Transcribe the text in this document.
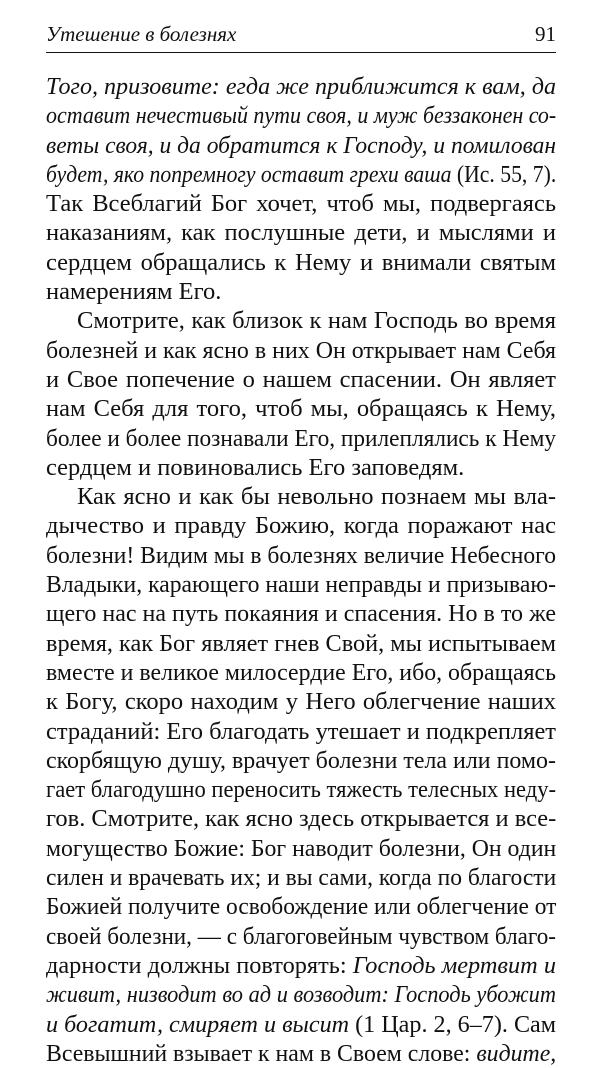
Утешение в болезнях	91
Того, призовите: егда же приближится к вам, да
оставит нечестивый пути своя, и муж беззаконен со-
веты своя, и да обратится к Господу, и помилован
будет, яко попремногу оставит грехи ваша (Ис. 55, 7).
Так Всеблагий Бог хочет, чтоб мы, подвергаясь
наказаниям, как послушные дети, и мыслями и
сердцем обращались к Нему и внимали святым
намерениям Его.
Смотрите, как близок к нам Господь во время
болезней и как ясно в них Он открывает нам Себя
и Свое попечение о нашем спасении. Он являет
нам Себя для того, чтоб мы, обращаясь к Нему,
более и более познавали Его, прилеплялись к Нему
сердцем и повиновались Его заповедям.
Как ясно и как бы невольно познаем мы вла-
дычество и правду Божию, когда поражают нас
болезни! Видим мы в болезнях величие Небесного
Владыки, карающего наши неправды и призываю-
щего нас на путь покаяния и спасения. Но в то же
время, как Бог являет гнев Свой, мы испытываем
вместе и великое милосердие Его, ибо, обращаясь
к Богу, скоро находим у Него облегчение наших
страданий: Его благодать утешает и подкрепляет
скорбящую душу, врачует болезни тела или помо-
гает благодушно переносить тяжесть телесных неду-
гов. Смотрите, как ясно здесь открывается и все-
могущество Божие: Бог наводит болезни, Он один
силен и врачевать их; и вы сами, когда по благости
Божией получите освобождение или облегчение от
своей болезни, — с благоговейным чувством благо-
дарности должны повторять: Господь мертвит и
живит, низводит во ад и возводит: Господь убожит
и богатит, смиряет и высит (1 Цар. 2, 6–7). Сам
Всевышний взывает к нам в Своем слове: видите,
